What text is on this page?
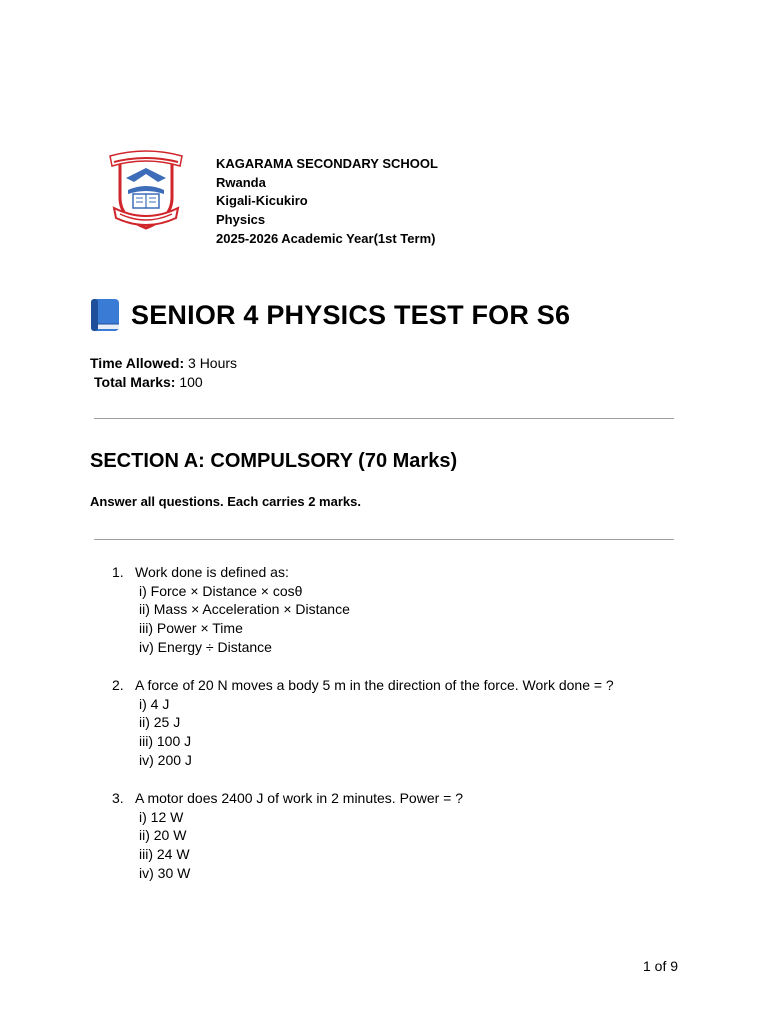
KAGARAMA SECONDARY SCHOOL
Rwanda
Kigali-Kicukiro
Physics
2025-2026 Academic Year(1st Term)
SENIOR 4 PHYSICS TEST FOR S6
Time Allowed: 3 Hours
Total Marks: 100
SECTION A: COMPULSORY (70 Marks)
Answer all questions. Each carries 2 marks.
1. Work done is defined as:
i) Force × Distance × cosθ
ii) Mass × Acceleration × Distance
iii) Power × Time
iv) Energy ÷ Distance
2. A force of 20 N moves a body 5 m in the direction of the force. Work done = ?
i) 4 J
ii) 25 J
iii) 100 J
iv) 200 J
3. A motor does 2400 J of work in 2 minutes. Power = ?
i) 12 W
ii) 20 W
iii) 24 W
iv) 30 W
1 of 9
